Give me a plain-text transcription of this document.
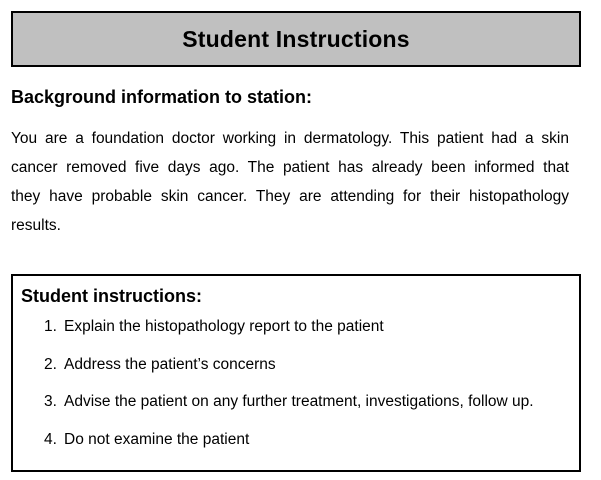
Student Instructions
Background information to station:
You are a foundation doctor working in dermatology. This patient had a skin
cancer removed five days ago. The patient has already been informed that
they have probable skin cancer. They are attending for their histopathology
results.
Student instructions:
1. Explain the histopathology report to the patient
2. Address the patient’s concerns
3. Advise the patient on any further treatment, investigations, follow up.
4. Do not examine the patient
